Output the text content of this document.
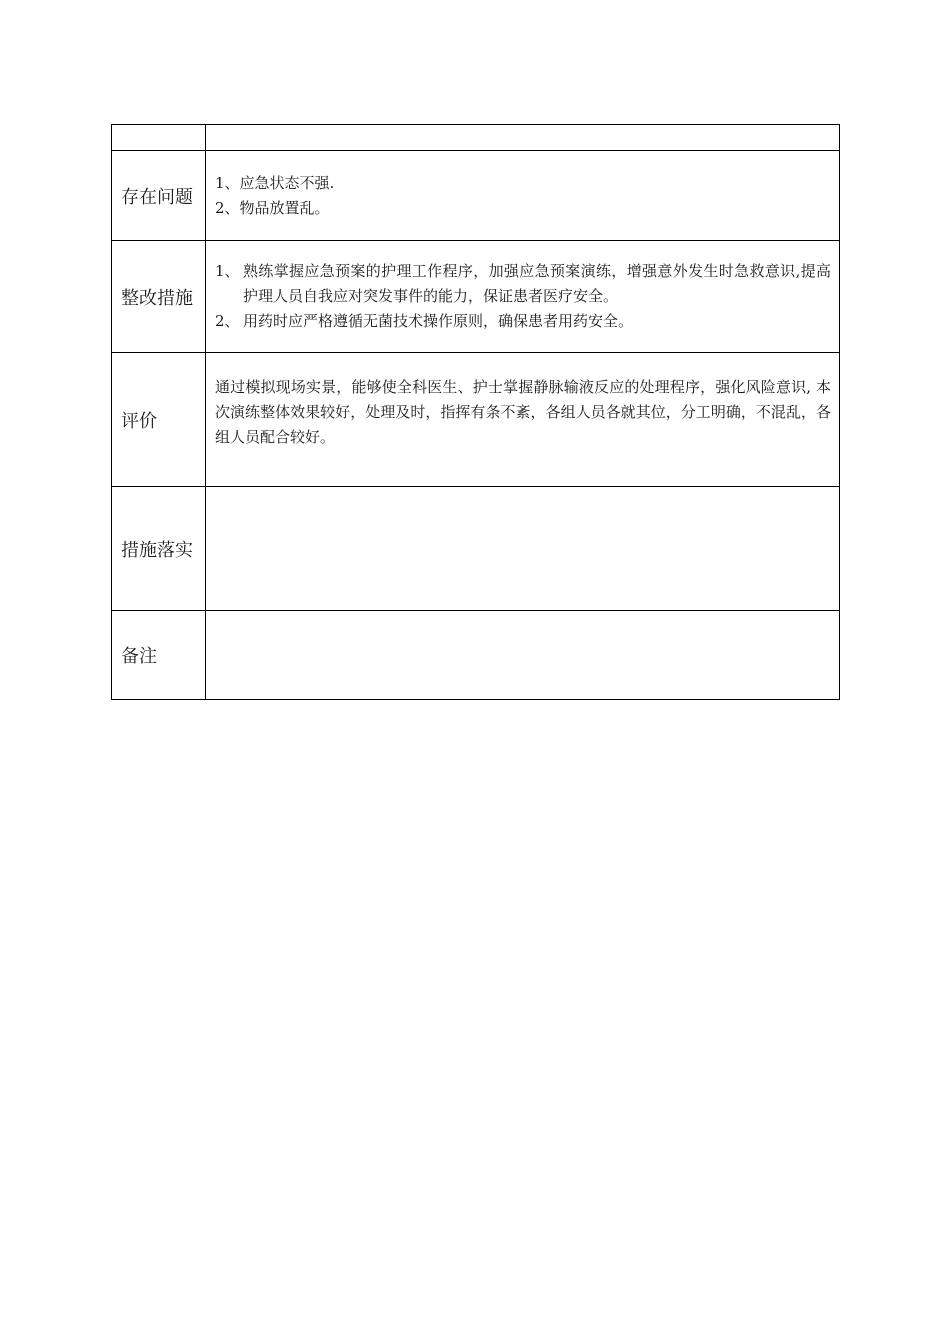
存在问题	1、应急状态不强.
2、物品放置乱。

整改措施	1、 熟练掌握应急预案的护理工作程序，加强应急预案演练，增强意外发生时急救意识,提高护理人员自我应对突发事件的能力，保证患者医疗安全。
2、 用药时应严格遵循无菌技术操作原则，确保患者用药安全。

评价	通过模拟现场实景，能够使全科医生、护士掌握静脉输液反应的处理程序，强化风险意识, 本次演练整体效果较好，处理及时，指挥有条不紊，各组人员各就其位，分工明确，不混乱，各组人员配合较好。

措施落实	
备注	
